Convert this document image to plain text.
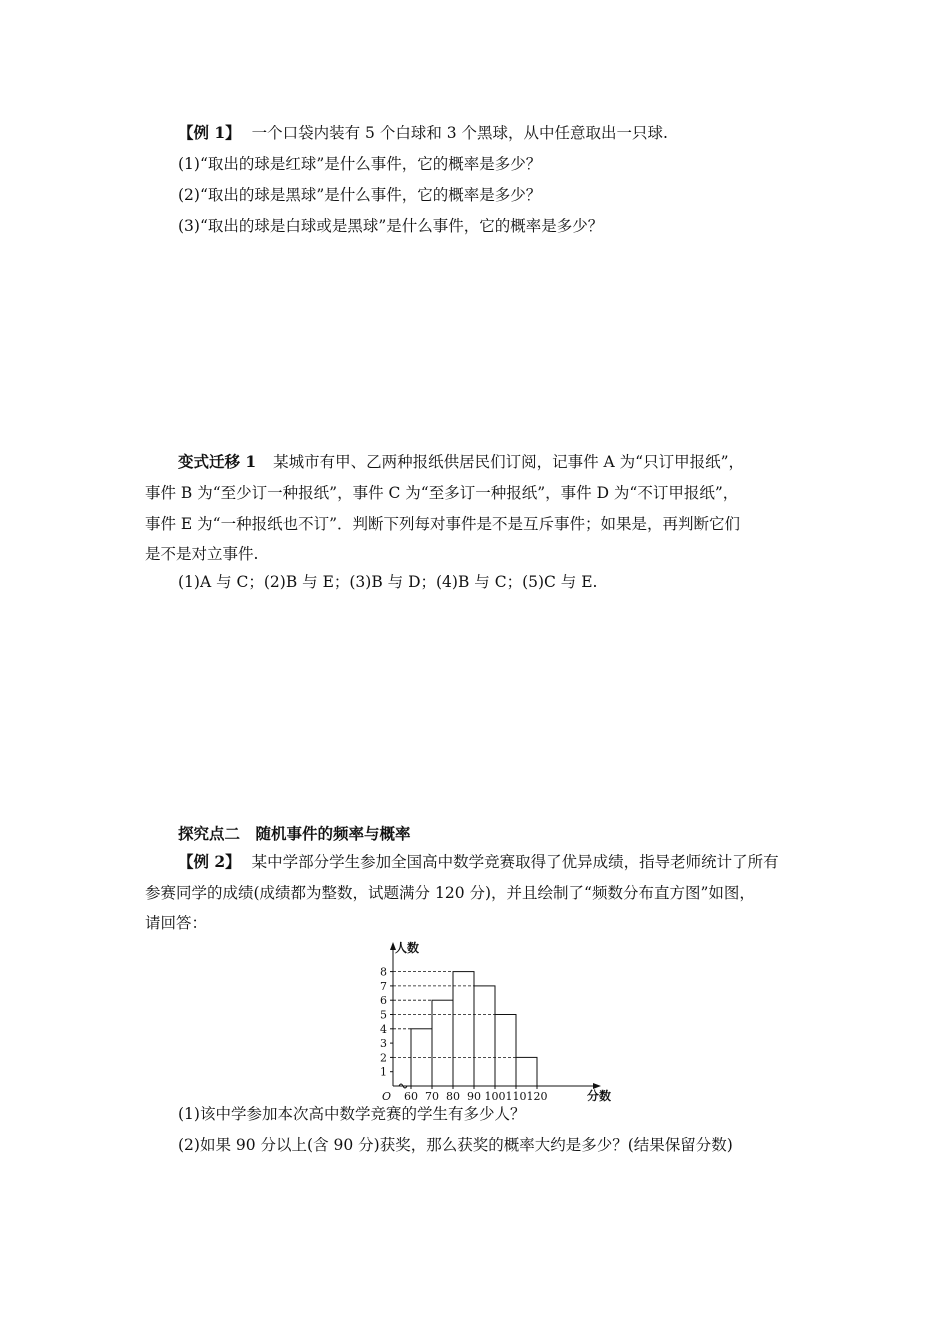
【例 1】 一个口袋内装有 5 个白球和 3 个黑球，从中任意取出一只球.
(1)“取出的球是红球”是什么事件，它的概率是多少？
(2)“取出的球是黑球”是什么事件，它的概率是多少？
(3)“取出的球是白球或是黑球”是什么事件，它的概率是多少？
变式迁移 1 某城市有甲、乙两种报纸供居民们订阅，记事件 A 为“只订甲报纸”，
事件 B 为“至少订一种报纸”，事件 C 为“至多订一种报纸”，事件 D 为“不订甲报纸”，
事件 E 为“一种报纸也不订”．判断下列每对事件是不是互斥事件；如果是，再判断它们
是不是对立事件.
(1)A 与 C；(2)B 与 E；(3)B 与 D；(4)B 与 C；(5)C 与 E.
探究点二　随机事件的频率与概率
【例 2】 某中学部分学生参加全国高中数学竞赛取得了优异成绩，指导老师统计了所有
参赛同学的成绩(成绩都为整数，试题满分 120 分)，并且绘制了“频数分布直方图”如图，
请回答：
1
2
3
4
5
6
7
8
60 70 80 90 100 110 120
人数
分数
O
(1)该中学参加本次高中数学竞赛的学生有多少人？
(2)如果 90 分以上(含 90 分)获奖，那么获奖的概率大约是多少？(结果保留分数)
